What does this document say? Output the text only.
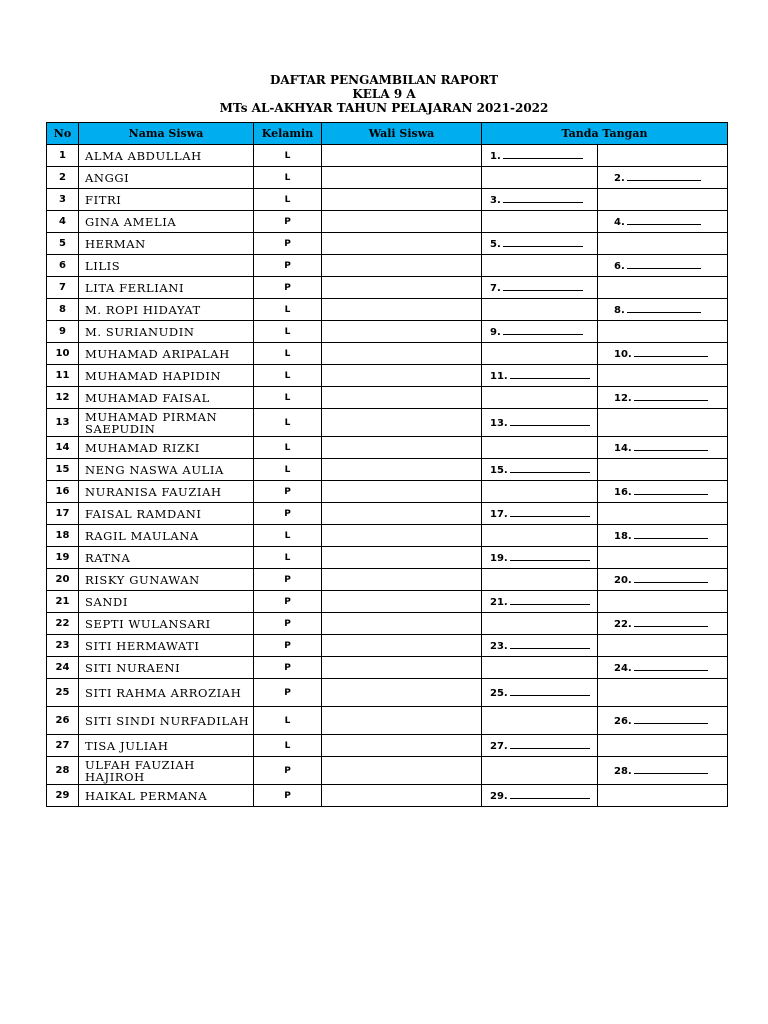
DAFTAR PENGAMBILAN RAPORT
KELA 9 A
MTs AL-AKHYAR TAHUN PELAJARAN 2021-2022
No	Nama Siswa	Kelamin	Wali Siswa	Tanda Tangan	
1	ALMA ABDULLAH	L		1.	
2	ANGGI	L			2.
3	FITRI	L		3.	
4	GINA AMELIA	P			4.
5	HERMAN	P		5.	
6	LILIS	P			6.
7	LITA FERLIANI	P		7.	
8	M. ROPI HIDAYAT	L			8.
9	M. SURIANUDIN	L		9.	
10	MUHAMAD ARIPALAH	L			10.
11	MUHAMAD HAPIDIN	L		11.	
12	MUHAMAD FAISAL	L			12.
13	MUHAMAD PIRMAN SAEPUDIN	L		13.	
14	MUHAMAD RIZKI	L			14.
15	NENG NASWA AULIA	L		15.	
16	NURANISA FAUZIAH	P			16.
17	FAISAL RAMDANI	P		17.	
18	RAGIL MAULANA	L			18.
19	RATNA	L		19.	
20	RISKY GUNAWAN	P			20.
21	SANDI	P		21.	
22	SEPTI WULANSARI	P			22.
23	SITI HERMAWATI	P		23.	
24	SITI NURAENI	P			24.
25	SITI RAHMA ARROZIAH	P		25.	
26	SITI SINDI NURFADILAH	L			26.
27	TISA JULIAH	L		27.	
28	ULFAH FAUZIAH HAJIROH	P			28.
29	HAIKAL PERMANA	P		29.	
